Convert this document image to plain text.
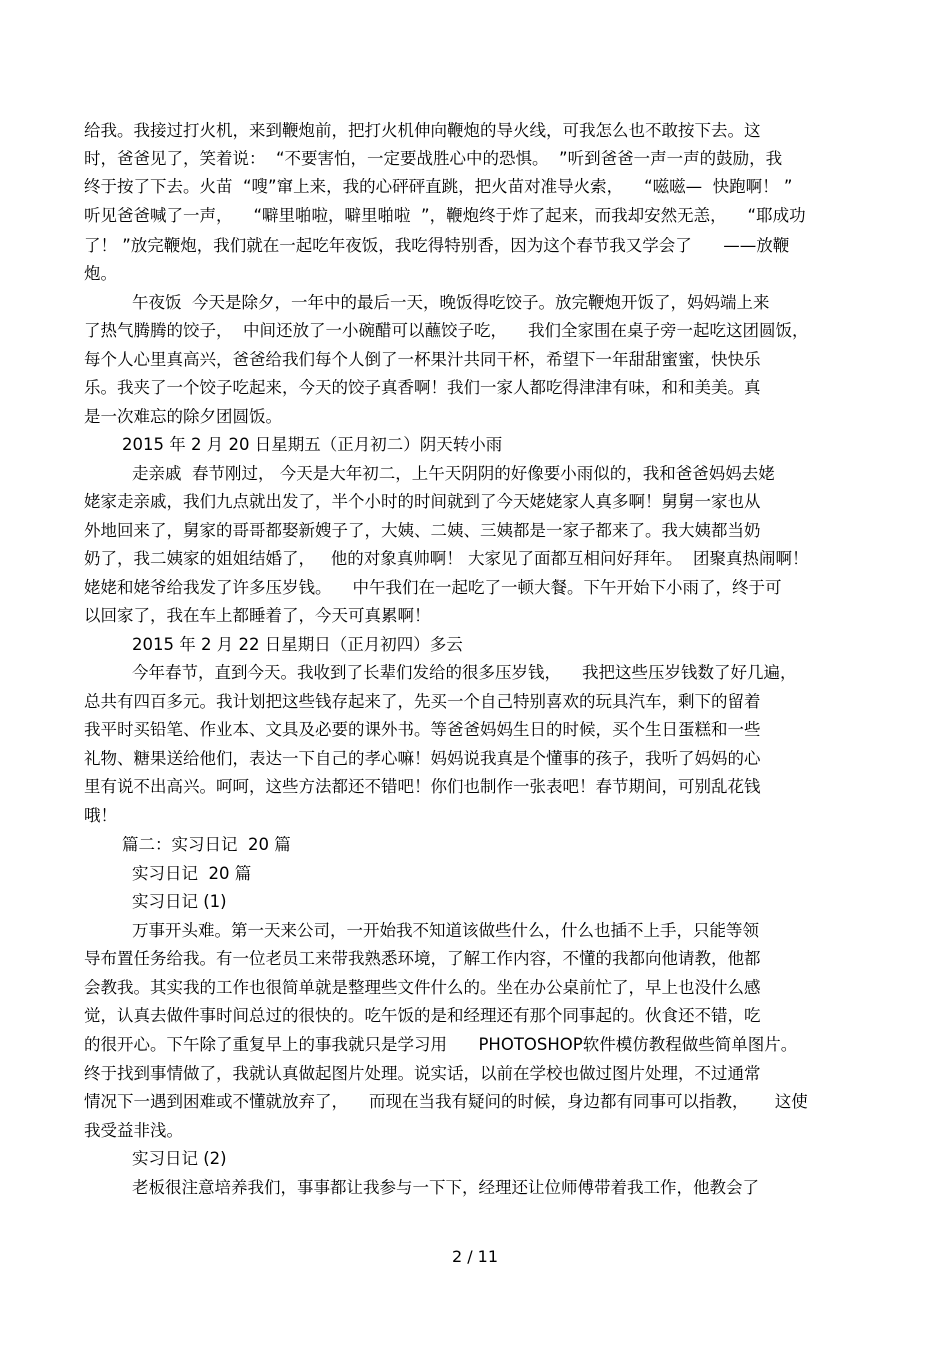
给我。我接过打火机，来到鞭炮前，把打火机伸向鞭炮的导火线，可我怎么也不敢按下去。这
时，爸爸见了，笑着说：  “不要害怕，一定要战胜心中的恐惧。  ”听到爸爸一声一声的鼓励，我
终于按了下去。火苗  “嗖”窜上来，我的心砰砰直跳，把火苗对准导火索，    “嗞嗞—  快跑啊！ ”
听见爸爸喊了一声，    “噼里啪啦，噼里啪啦  ”，鞭炮终于炸了起来，而我却安然无恙，    “耶成功
了！ ”放完鞭炮，我们就在一起吃年夜饭，我吃得特别香，因为这个春节我又学会了      ——放鞭
炮。
午夜饭  今天是除夕，一年中的最后一天，晚饭得吃饺子。放完鞭炮开饭了，妈妈端上来
了热气腾腾的饺子，  中间还放了一小碗醋可以蘸饺子吃，    我们全家围在桌子旁一起吃这团圆饭，
每个人心里真高兴，爸爸给我们每个人倒了一杯果汁共同干杯，希望下一年甜甜蜜蜜，快快乐
乐。我夹了一个饺子吃起来，今天的饺子真香啊！我们一家人都吃得津津有味，和和美美。真
是一次难忘的除夕团圆饭。
2015 年 2 月 20 日星期五（正月初二）阴天转小雨
走亲戚  春节刚过， 今天是大年初二，上午天阴阴的好像要小雨似的，我和爸爸妈妈去姥
姥家走亲戚，我们九点就出发了，半个小时的时间就到了今天姥姥家人真多啊！舅舅一家也从
外地回来了，舅家的哥哥都娶新嫂子了，大姨、二姨、三姨都是一家子都来了。我大姨都当奶
奶了，我二姨家的姐姐结婚了，   他的对象真帅啊！ 大家见了面都互相问好拜年。  团聚真热闹啊！
姥姥和姥爷给我发了许多压岁钱。    中午我们在一起吃了一顿大餐。下午开始下小雨了，终于可
以回家了，我在车上都睡着了，今天可真累啊！
2015 年 2 月 22 日星期日（正月初四）多云
今年春节，直到今天。我收到了长辈们发给的很多压岁钱，    我把这些压岁钱数了好几遍，
总共有四百多元。我计划把这些钱存起来了，先买一个自己特别喜欢的玩具汽车，剩下的留着
我平时买铅笔、作业本、文具及必要的课外书。等爸爸妈妈生日的时候，买个生日蛋糕和一些
礼物、糖果送给他们，表达一下自己的孝心嘛！妈妈说我真是个懂事的孩子，我听了妈妈的心
里有说不出高兴。呵呵，这些方法都还不错吧！你们也制作一张表吧！春节期间，可别乱花钱
哦！
篇二：实习日记  20 篇
实习日记  20 篇
实习日记 (1)
万事开头难。第一天来公司，一开始我不知道该做些什么，什么也插不上手，只能等领
导布置任务给我。有一位老员工来带我熟悉环境，了解工作内容，不懂的我都向他请教，他都
会教我。其实我的工作也很简单就是整理些文件什么的。坐在办公桌前忙了，早上也没什么感
觉，认真去做件事时间总过的很快的。吃午饭的是和经理还有那个同事起的。伙食还不错，吃
的很开心。下午除了重复早上的事我就只是学习用      PHOTOSHOP软件模仿教程做些简单图片。
终于找到事情做了，我就认真做起图片处理。说实话，以前在学校也做过图片处理，不过通常
情况下一遇到困难或不懂就放弃了，    而现在当我有疑问的时候，身边都有同事可以指教，     这使
我受益非浅。
实习日记 (2)
老板很注意培养我们，事事都让我参与一下下，经理还让位师傅带着我工作，他教会了
2 / 11
